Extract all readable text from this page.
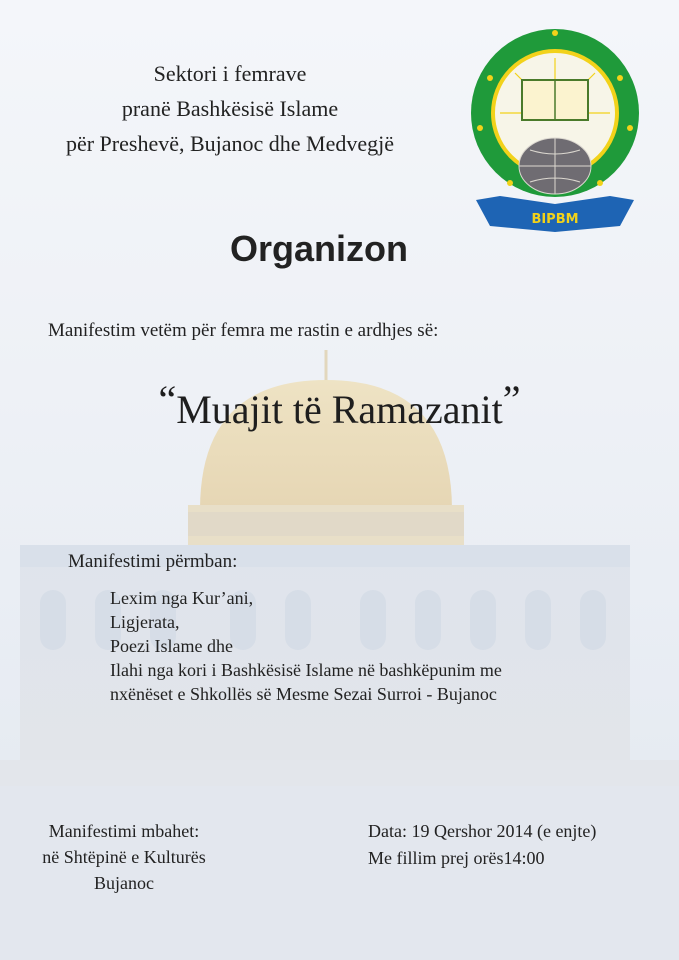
Sektori i femrave
pranë Bashkësisë Islame
për Preshevë, Bujanoc dhe Medvegjë
BIPBM
Organizon
Manifestim vetëm për femra me rastin e ardhjes së:
“Muajit të Ramazanit”
Manifestimi përmban:
Lexim nga Kur’ani,
Ligjerata,
Poezi Islame dhe
Ilahi nga kori i Bashkësisë Islame në bashkëpunim me
nxënëset e Shkollës së Mesme Sezai Surroi - Bujanoc
Manifestimi mbahet:
në Shtëpinë e Kulturës
Bujanoc
Data: 19 Qershor 2014 (e enjte)
Me fillim prej orës14:00
